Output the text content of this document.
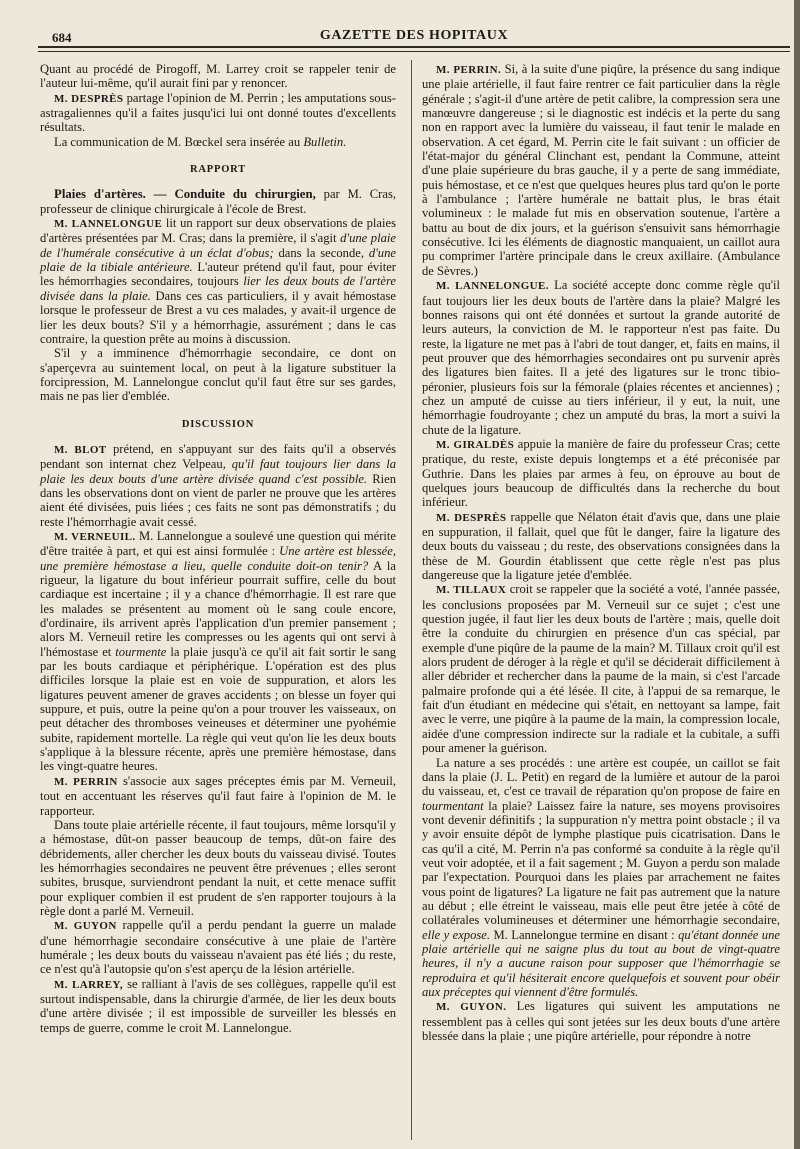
684	GAZETTE DES HOPITAUX

Quant au procédé de Pirogoff, M. Larrey croit se rappeler tenir de l'auteur lui-même, qu'il aurait fini par y renoncer.

M. DESPRÈS partage l'opinion de M. Perrin ; les amputations sous-astragaliennes qu'il a faites jusqu'ici lui ont donné toutes d'excellents résultats.

La communication de M. Bœckel sera insérée au Bulletin.

RAPPORT

Plaies d'artères. — Conduite du chirurgien, par M. Cras, professeur de clinique chirurgicale à l'école de Brest.

M. LANNELONGUE lit un rapport sur deux observations de plaies d'artères présentées par M. Cras; dans la première, il s'agit d'une plaie de l'humérale consécutive à un éclat d'obus; dans la seconde, d'une plaie de la tibiale antérieure. L'auteur prétend qu'il faut, pour éviter les hémorrhagies secondaires, toujours lier les deux bouts de l'artère divisée dans la plaie. Dans ces cas particuliers, il y avait hémostase lorsque le professeur de Brest a vu ces malades, y avait-il urgence de lier les deux bouts? S'il y a hémorrhagie, assurément ; dans le cas contraire, la question prête au moins à discussion.

S'il y a imminence d'hémorrhagie secondaire, ce dont on s'aperçevra au suintement local, on peut à la ligature substituer la forcipression, M. Lannelongue conclut qu'il faut être sur ses gardes, mais ne pas lier d'emblée.

DISCUSSION

M. BLOT prétend, en s'appuyant sur des faits qu'il a observés pendant son internat chez Velpeau, qu'il faut toujours lier dans la plaie les deux bouts d'une artère divisée quand c'est possible. Rien dans les observations dont on vient de parler ne prouve que les artères aient été divisées, puis liées ; ces faits ne sont pas démonstratifs ; du reste l'hémorrhagie avait cessé.

M. VERNEUIL. M. Lannelongue a soulevé une question qui mérite d'être traitée à part, et qui est ainsi formulée : Une artère est blessée, une première hémostase a lieu, quelle conduite doit-on tenir? A la rigueur, la ligature du bout inférieur pourrait suffire, celle du bout cardiaque est incertaine ; il y a chance d'hémorrhagie. Il est rare que les malades se présentent au moment où le sang coule encore, d'ordinaire, ils arrivent après l'application d'un premier pansement ; alors M. Verneuil retire les compresses ou les agents qui ont servi à l'hémostase et tourmente la plaie jusqu'à ce qu'il ait fait sortir le sang par les bouts cardiaque et périphérique. L'opération est des plus difficiles lorsque la plaie est en voie de suppuration, et alors les ligatures peuvent amener de graves accidents ; on blesse un foyer qui suppure, et puis, outre la peine qu'on a pour trouver les vaisseaux, on peut détacher des thromboses veineuses et déterminer une pyohémie subite, rapidement mortelle. La règle qui veut qu'on lie les deux bouts s'applique à la blessure récente, après une première hémostase, dans les vingt-quatre heures.

M. PERRIN s'associe aux sages préceptes émis par M. Verneuil, tout en accentuant les réserves qu'il faut faire à l'opinion de M. le rapporteur.

Dans toute plaie artérielle récente, il faut toujours, même lorsqu'il y a hémostase, dût-on passer beaucoup de temps, dût-on faire des débridements, aller chercher les deux bouts du vaisseau divisé. Toutes les hémorrhagies secondaires ne peuvent être prévenues ; elles seront subites, brusque, surviendront pendant la nuit, et cette menace suffit pour expliquer combien il est prudent de s'en rapporter toujours à la règle dont a parlé M. Verneuil.

M. GUYON rappelle qu'il a perdu pendant la guerre un malade d'une hémorrhagie secondaire consécutive à une plaie de l'artère humérale ; les deux bouts du vaisseau n'avaient pas été liés ; du reste, ce n'est qu'à l'autopsie qu'on s'est aperçu de la lésion artérielle.

M. LARREY, se ralliant à l'avis de ses collègues, rappelle qu'il est surtout indispensable, dans la chirurgie d'armée, de lier les deux bouts d'une artère divisée ; il est impossible de surveiller les blessés en temps de guerre, comme le croit M. Lannelongue.

M. PERRIN. Si, à la suite d'une piqûre, la présence du sang indique une plaie artérielle, il faut faire rentrer ce fait particulier dans la règle générale ; s'agit-il d'une artère de petit calibre, la compression sera une manœuvre dangereuse ; si le diagnostic est indécis et la perte du sang non en rapport avec la lumière du vaisseau, il faut tenir le malade en observation. A cet égard, M. Perrin cite le fait suivant : un officier de l'état-major du général Clinchant est, pendant la Commune, atteint d'une plaie supérieure du bras gauche, il y a perte de sang immédiate, puis hémostase, et ce n'est que quelques heures plus tard qu'on le porte à l'ambulance ; l'artère humérale ne battait plus, le bras était volumineux : le malade fut mis en observation soutenue, l'artère a battu au bout de dix jours, et la guérison s'ensuivit sans hémorrhagie consécutive. Ici les éléments de diagnostic manquaient, un caillot aura pu comprimer l'artère principale dans le creux axillaire. (Ambulance de Sèvres.)

M. LANNELONGUE. La société accepte donc comme règle qu'il faut toujours lier les deux bouts de l'artère dans la plaie? Malgré les bonnes raisons qui ont été données et surtout la grande autorité de leurs auteurs, la conviction de M. le rapporteur n'est pas faite. Du reste, la ligature ne met pas à l'abri de tout danger, et, faits en mains, il peut prouver que des hémorrhagies secondaires ont pu survenir après des ligatures bien faites. Il a jeté des ligatures sur le tronc tibio-péronier, plusieurs fois sur la fémorale (plaies récentes et anciennes) ; chez un amputé de cuisse au tiers inférieur, il y eut, la nuit, une hémorrhagie foudroyante ; chez un amputé du bras, la mort a suivi la chute de la ligature.

M. GIRALDÈS appuie la manière de faire du professeur Cras; cette pratique, du reste, existe depuis longtemps et a été préconisée par Guthrie. Dans les plaies par armes à feu, on éprouve au bout de quelques jours beaucoup de difficultés dans la recherche du bout inférieur.

M. DESPRÈS rappelle que Nélaton était d'avis que, dans une plaie en suppuration, il fallait, quel que fût le danger, faire la ligature des deux bouts du vaisseau ; du reste, des observations consignées dans la thèse de M. Gourdin établissent que cette règle n'est pas plus dangereuse que la ligature jetée d'emblée.

M. TILLAUX croit se rappeler que la société a voté, l'année passée, les conclusions proposées par M. Verneuil sur ce sujet ; c'est une question jugée, il faut lier les deux bouts de l'artère ; mais, quelle doit être la conduite du chirurgien en présence d'un cas spécial, par exemple d'une piqûre de la paume de la main? M. Tillaux croit qu'il est alors prudent de déroger à la règle et qu'il se déciderait difficilement à aller débrider et rechercher dans la paume de la main, si c'est l'arcade palmaire profonde qui a été lésée. Il cite, à l'appui de sa remarque, le fait d'un étudiant en médecine qui s'était, en nettoyant sa lampe, fait avec le verre, une piqûre à la paume de la main, la compression locale, aidée d'une compression indirecte sur la radiale et la cubitale, a suffi pour amener la guérison.

La nature a ses procédés : une artère est coupée, un caillot se fait dans la plaie (J. L. Petit) en regard de la lumière et autour de la paroi du vaisseau, et, c'est ce travail de réparation qu'on propose de faire en tourmentant la plaie? Laissez faire la nature, ses moyens provisoires vont devenir définitifs ; la suppuration n'y mettra point obstacle ; il va y avoir ensuite dépôt de lymphe plastique puis cicatrisation. Dans le cas qu'il a cité, M. Perrin n'a pas conformé sa conduite à la règle qu'il veut voir adoptée, et il a fait sagement ; M. Guyon a perdu son malade par l'expectation. Pourquoi dans les plaies par arrachement ne faites vous point de ligatures? La ligature ne fait pas autrement que la nature au début ; elle étreint le vaisseau, mais elle peut être jetée à côté de collatérales volumineuses et déterminer une hémorrhagie secondaire, elle y expose. M. Lannelongue termine en disant : qu'étant donnée une plaie artérielle qui ne saigne plus du tout au bout de vingt-quatre heures, il n'y a aucune raison pour supposer que l'hémorrhagie se reproduira et qu'il hésiterait encore quelquefois et souvent pour obéir aux préceptes qui viennent d'être formulés.

M. GUYON. Les ligatures qui suivent les amputations ne ressemblent pas à celles qui sont jetées sur les deux bouts d'une artère blessée dans la plaie ; une piqûre artérielle, pour répondre à notre
